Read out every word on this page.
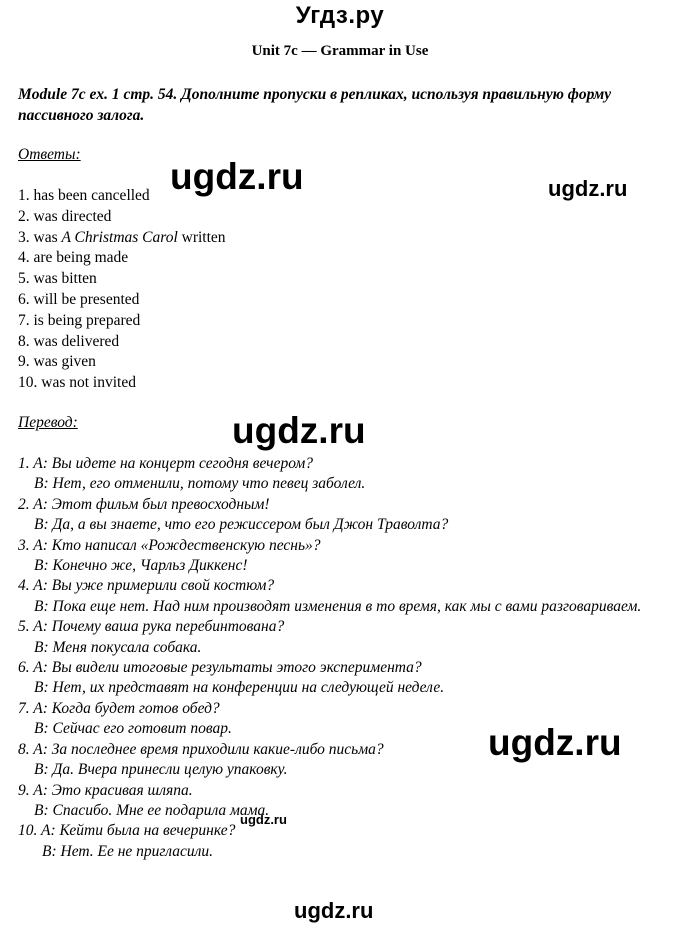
Угдз.ру
Unit 7c — Grammar in Use
Module 7c ex. 1 стр. 54. Дополните пропуски в репликах, используя правильную форму пассивного залога.
Ответы:
1. has been cancelled
2. was directed
3. was A Christmas Carol written
4. are being made
5. was bitten
6. will be presented
7. is being prepared
8. was delivered
9. was given
10. was not invited
Перевод:
1. A: Вы идете на концерт сегодня вечером?
B: Нет, его отменили, потому что певец заболел.
2. A: Этот фильм был превосходным!
B: Да, а вы знаете, что его режиссером был Джон Траволта?
3. A: Кто написал «Рождественскую песнь»?
B: Конечно же, Чарльз Диккенс!
4. A: Вы уже примерили свой костюм?
B: Пока еще нет. Над ним производят изменения в то время, как мы с вами разговариваем.
5. A: Почему ваша рука перебинтована?
B: Меня покусала собака.
6. A: Вы видели итоговые результаты этого эксперимента?
B: Нет, их представят на конференции на следующей неделе.
7. A: Когда будет готов обед?
B: Сейчас его готовит повар.
8. A: За последнее время приходили какие-либо письма?
B: Да. Вчера принесли целую упаковку.
9. A: Это красивая шляпа.
B: Спасибо. Мне ее подарила мама.
10. A: Кейти была на вечеринке?
B: Нет. Ее не пригласили.
ugdz.ru	ugdz.ru
ugdz.ru
ugdz.ru
ugdz.ru
ugdz.ru
